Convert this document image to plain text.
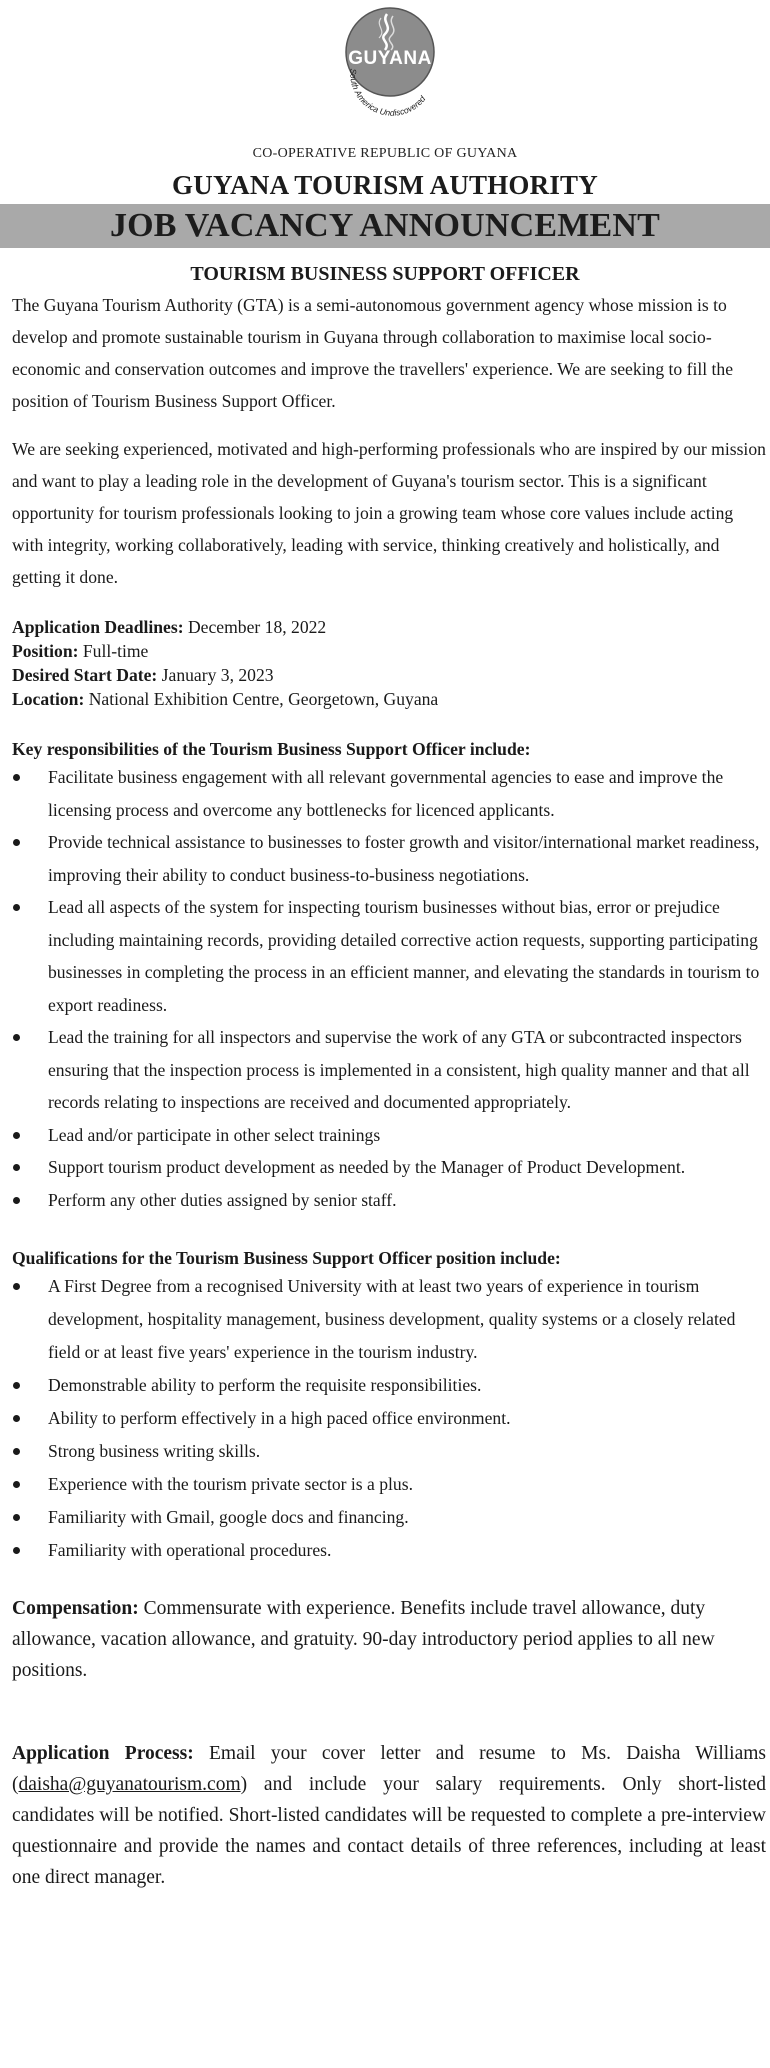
GUYANA
South America Undiscovered
CO-OPERATIVE REPUBLIC OF GUYANA
GUYANA TOURISM AUTHORITY
JOB VACANCY ANNOUNCEMENT
TOURISM BUSINESS SUPPORT OFFICER

The Guyana Tourism Authority (GTA) is a semi-autonomous government agency whose mission is to develop and promote sustainable tourism in Guyana through collaboration to maximise local socio-economic and conservation outcomes and improve the travellers' experience. We are seeking to fill the position of Tourism Business Support Officer.

We are seeking experienced, motivated and high-performing professionals who are inspired by our mission and want to play a leading role in the development of Guyana's tourism sector. This is a significant opportunity for tourism professionals looking to join a growing team whose core values include acting with integrity, working collaboratively, leading with service, thinking creatively and holistically, and getting it done.

Application Deadlines: December 18, 2022
Position: Full-time
Desired Start Date: January 3, 2023
Location: National Exhibition Centre, Georgetown, Guyana
Key responsibilities of the Tourism Business Support Officer include:
Facilitate business engagement with all relevant governmental agencies to ease and improve the licensing process and overcome any bottlenecks for licenced applicants.
Provide technical assistance to businesses to foster growth and visitor/international market readiness, improving their ability to conduct business-to-business negotiations.
Lead all aspects of the system for inspecting tourism businesses without bias, error or prejudice including maintaining records, providing detailed corrective action requests, supporting participating businesses in completing the process in an efficient manner, and elevating the standards in tourism to export readiness.
Lead the training for all inspectors and supervise the work of any GTA or subcontracted inspectors ensuring that the inspection process is implemented in a consistent, high quality manner and that all records relating to inspections are received and documented appropriately.
Lead and/or participate in other select trainings
Support tourism product development as needed by the Manager of Product Development.
Perform any other duties assigned by senior staff.
Qualifications for the Tourism Business Support Officer position include:
A First Degree from a recognised University with at least two years of experience in tourism development, hospitality management, business development, quality systems or a closely related field or at least five years' experience in the tourism industry.
Demonstrable ability to perform the requisite responsibilities.
Ability to perform effectively in a high paced office environment.
Strong business writing skills.
Experience with the tourism private sector is a plus.
Familiarity with Gmail, google docs and financing.
Familiarity with operational procedures.

Compensation: Commensurate with experience. Benefits include travel allowance, duty allowance, vacation allowance, and gratuity. 90-day introductory period applies to all new positions.

Application Process: Email your cover letter and resume to Ms. Daisha Williams (daisha@guyanatourism.com) and include your salary requirements. Only short-listed candidates will be notified. Short-listed candidates will be requested to complete a pre-interview questionnaire and provide the names and contact details of three references, including at least one direct manager.
